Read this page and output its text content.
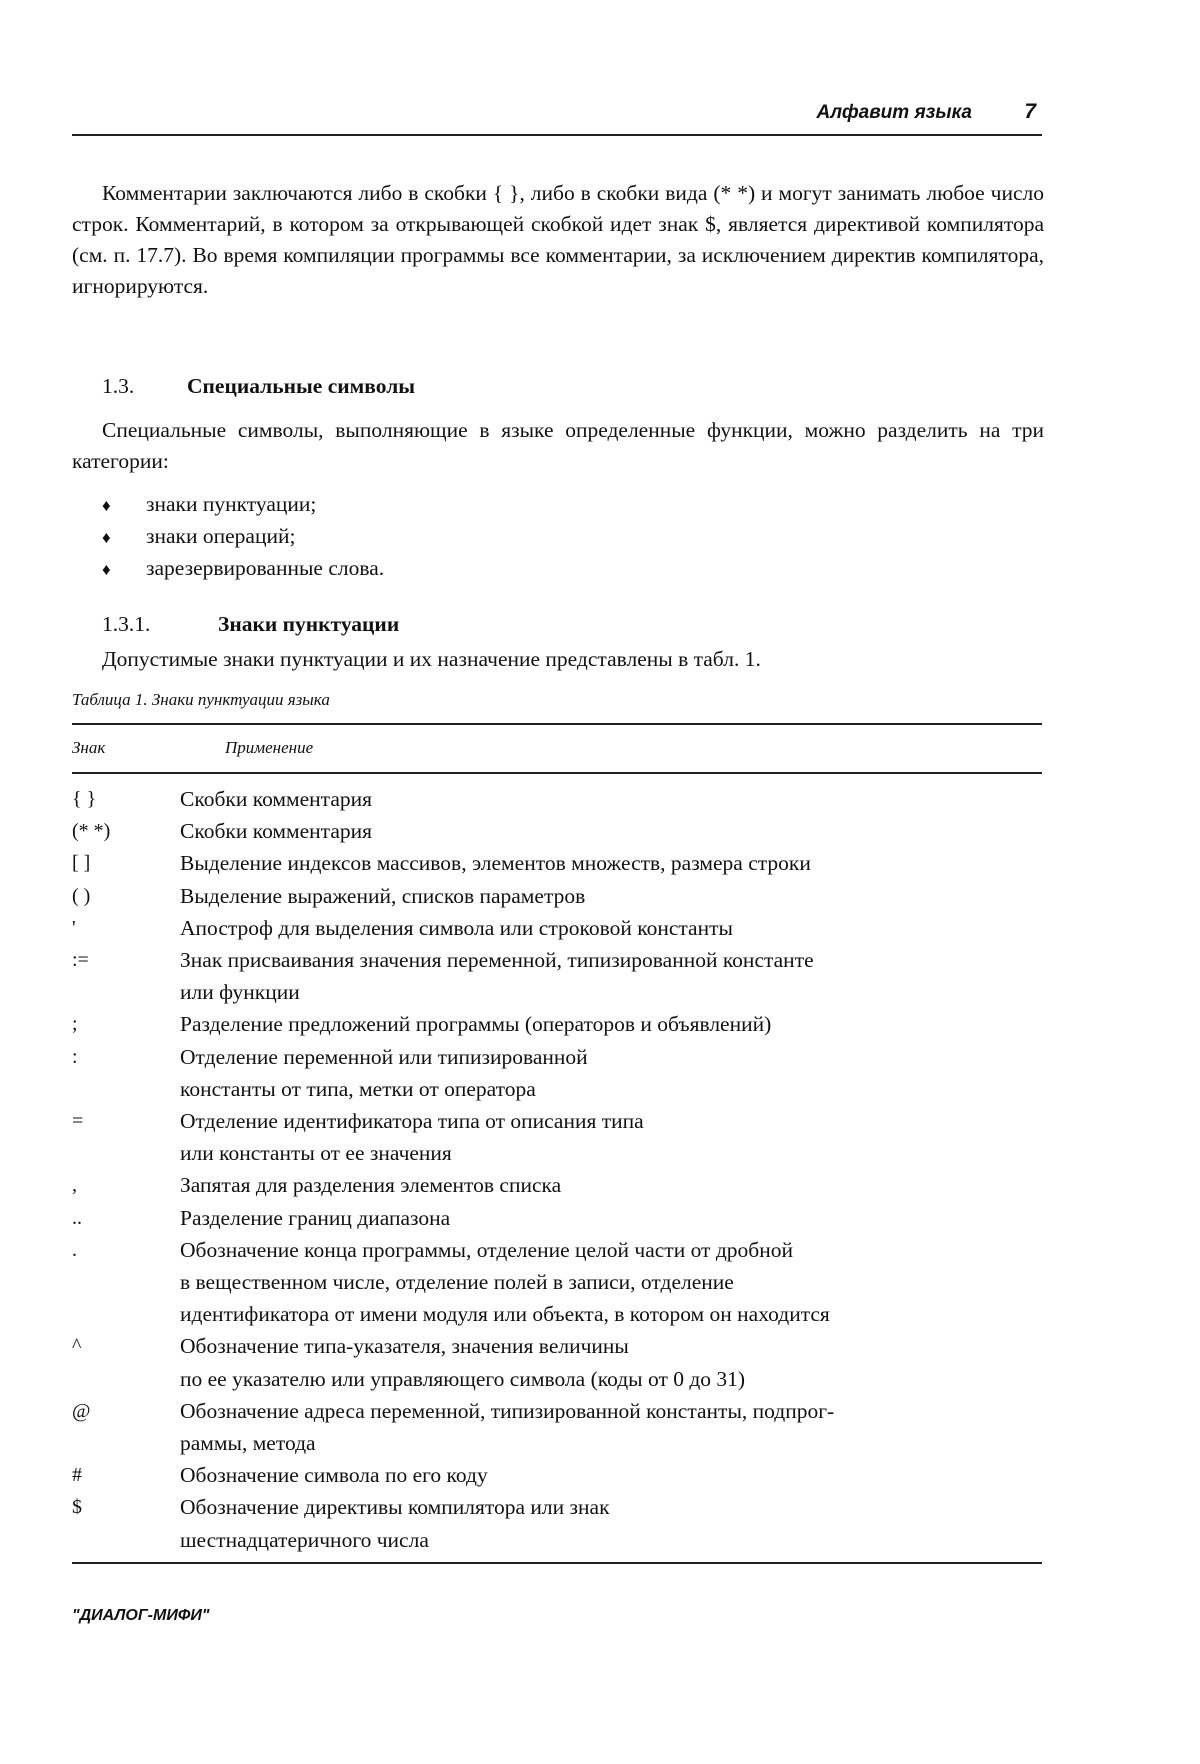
Алфавит языка 7

Комментарии заключаются либо в скобки { }, либо в скобки вида (* *) и могут занимать любое число строк. Комментарий, в котором за открывающей скобкой идет знак $, является директивой компилятора (см. п. 17.7). Во время компиляции программы все комментарии, за исключением директив компилятора, игнорируются.

1.3. Специальные символы

Специальные символы, выполняющие в языке определенные функции, можно разделить на три категории:

♦ знаки пунктуации;
♦ знаки операций;
♦ зарезервированные слова.
1.3.1.	Знаки пунктуации

Допустимые знаки пунктуации и их назначение представлены в табл. 1.

Таблица 1. Знаки пунктуации языка
Знак	Применение
{ }	Скобки комментария
(* *)	Скобки комментария
[ ]	Выделение индексов массивов, элементов множеств, размера строки
( )	Выделение выражений, списков параметров
'	Апостроф для выделения символа или строковой константы
:=	Знак присваивания значения переменной, типизированной константе
или функции
;	Разделение предложений программы (операторов и объявлений)
:	Отделение переменной или типизированной
константы от типа, метки от оператора
=	Отделение идентификатора типа от описания типа
или константы от ее значения
,	Запятая для разделения элементов списка
..	Разделение границ диапазона
.	Обозначение конца программы, отделение целой части от дробной
в вещественном числе, отделение полей в записи, отделение
идентификатора от имени модуля или объекта, в котором он находится
^	Обозначение типа-указателя, значения величины
по ее указателю или управляющего символа (коды от 0 до 31)
@	Обозначение адреса переменной, типизированной константы, подпрог-
раммы, метода
#	Обозначение символа по его коду
$	Обозначение директивы компилятора или знак
шестнадцатеричного числа
"ДИАЛОГ-МИФИ"
